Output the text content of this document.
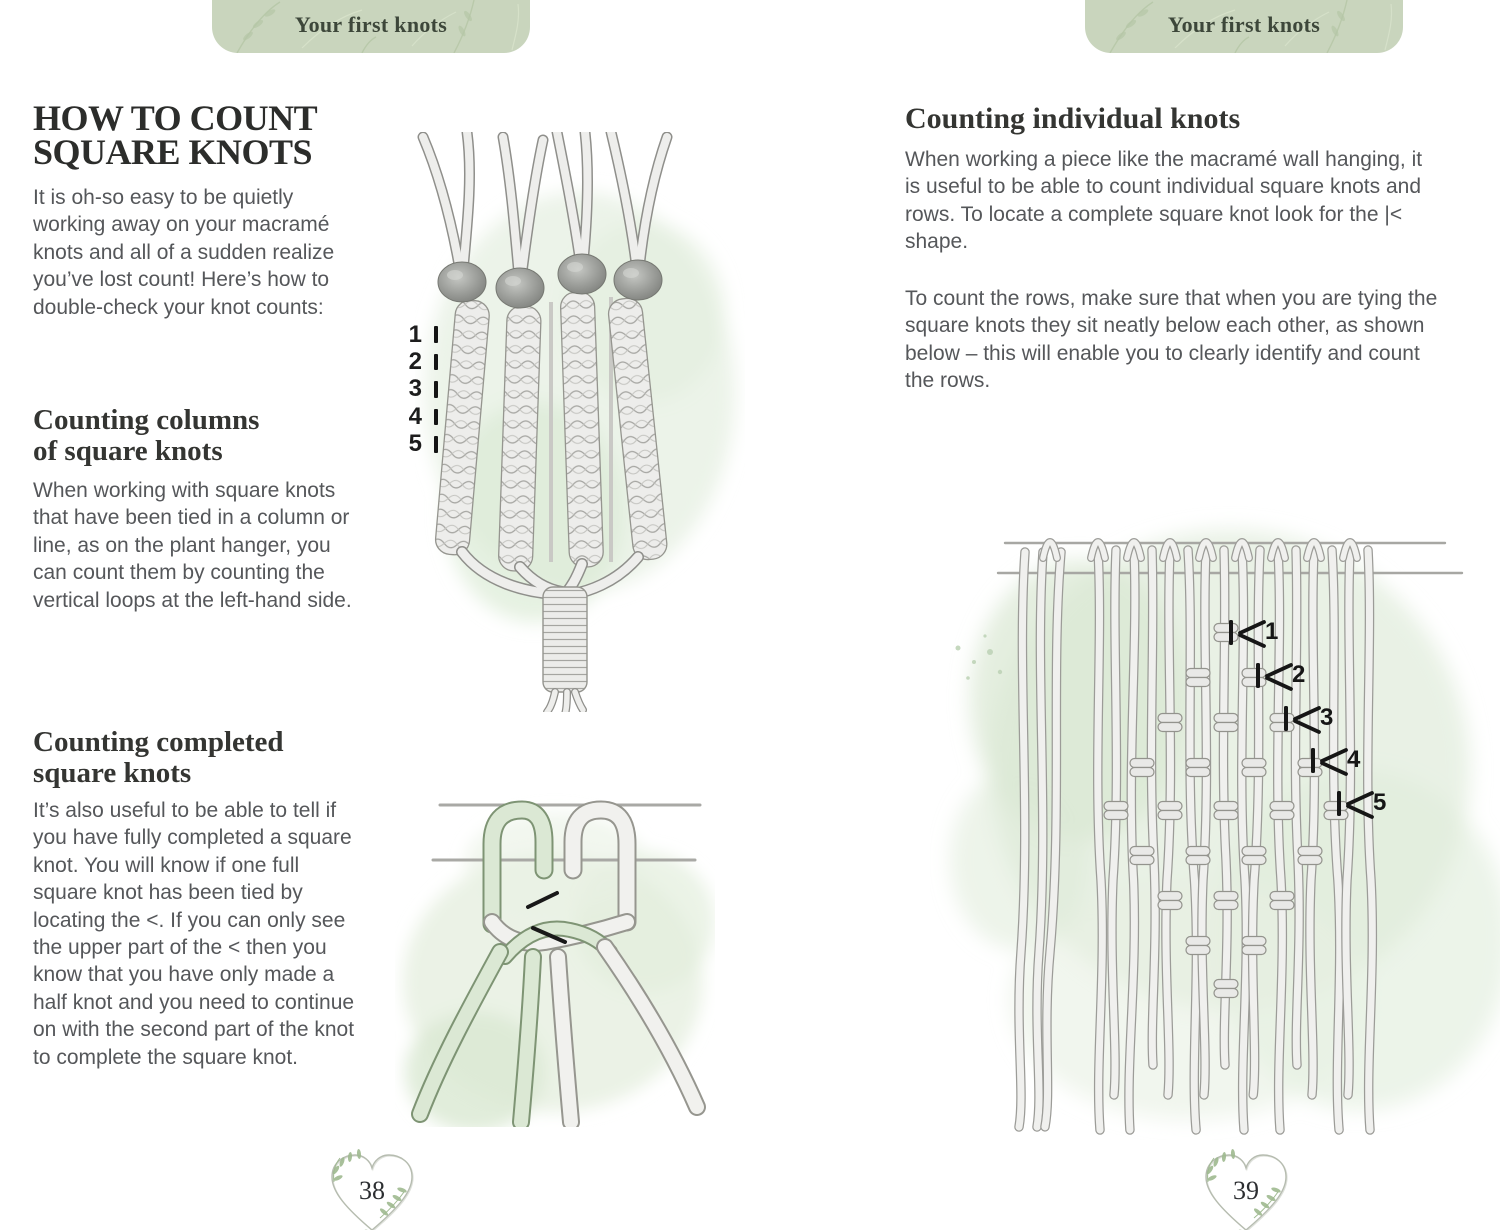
Your first knots	Your first knots
HOW TO COUNT
SQUARE KNOTS

It is oh-so easy to be quietly working away on your macramé knots and all of a sudden realize you’ve lost count! Here’s how to double-check your knot counts:

Counting columns
of square knots

When working with square knots that have been tied in a column or line, as on the plant hanger, you can count them by counting the vertical loops at the left-hand side.

Counting completed
square knots

It’s also useful to be able to tell if you have fully completed a square knot. You will know if one full square knot has been tied by locating the <. If you can only see the upper part of the < then you know that you have only made a half knot and you need to continue on with the second part of the knot to complete the square knot.

Counting individual knots

When working a piece like the macramé wall hanging, it is useful to be able to count individual square knots and rows. To locate a complete square knot look for the |< shape.

To count the rows, make sure that when you are tying the square knots they sit neatly below each other, as shown below – this will enable you to clearly identify and count the rows.

1
2
3
4
5
1
2
3
4
5
38	39
